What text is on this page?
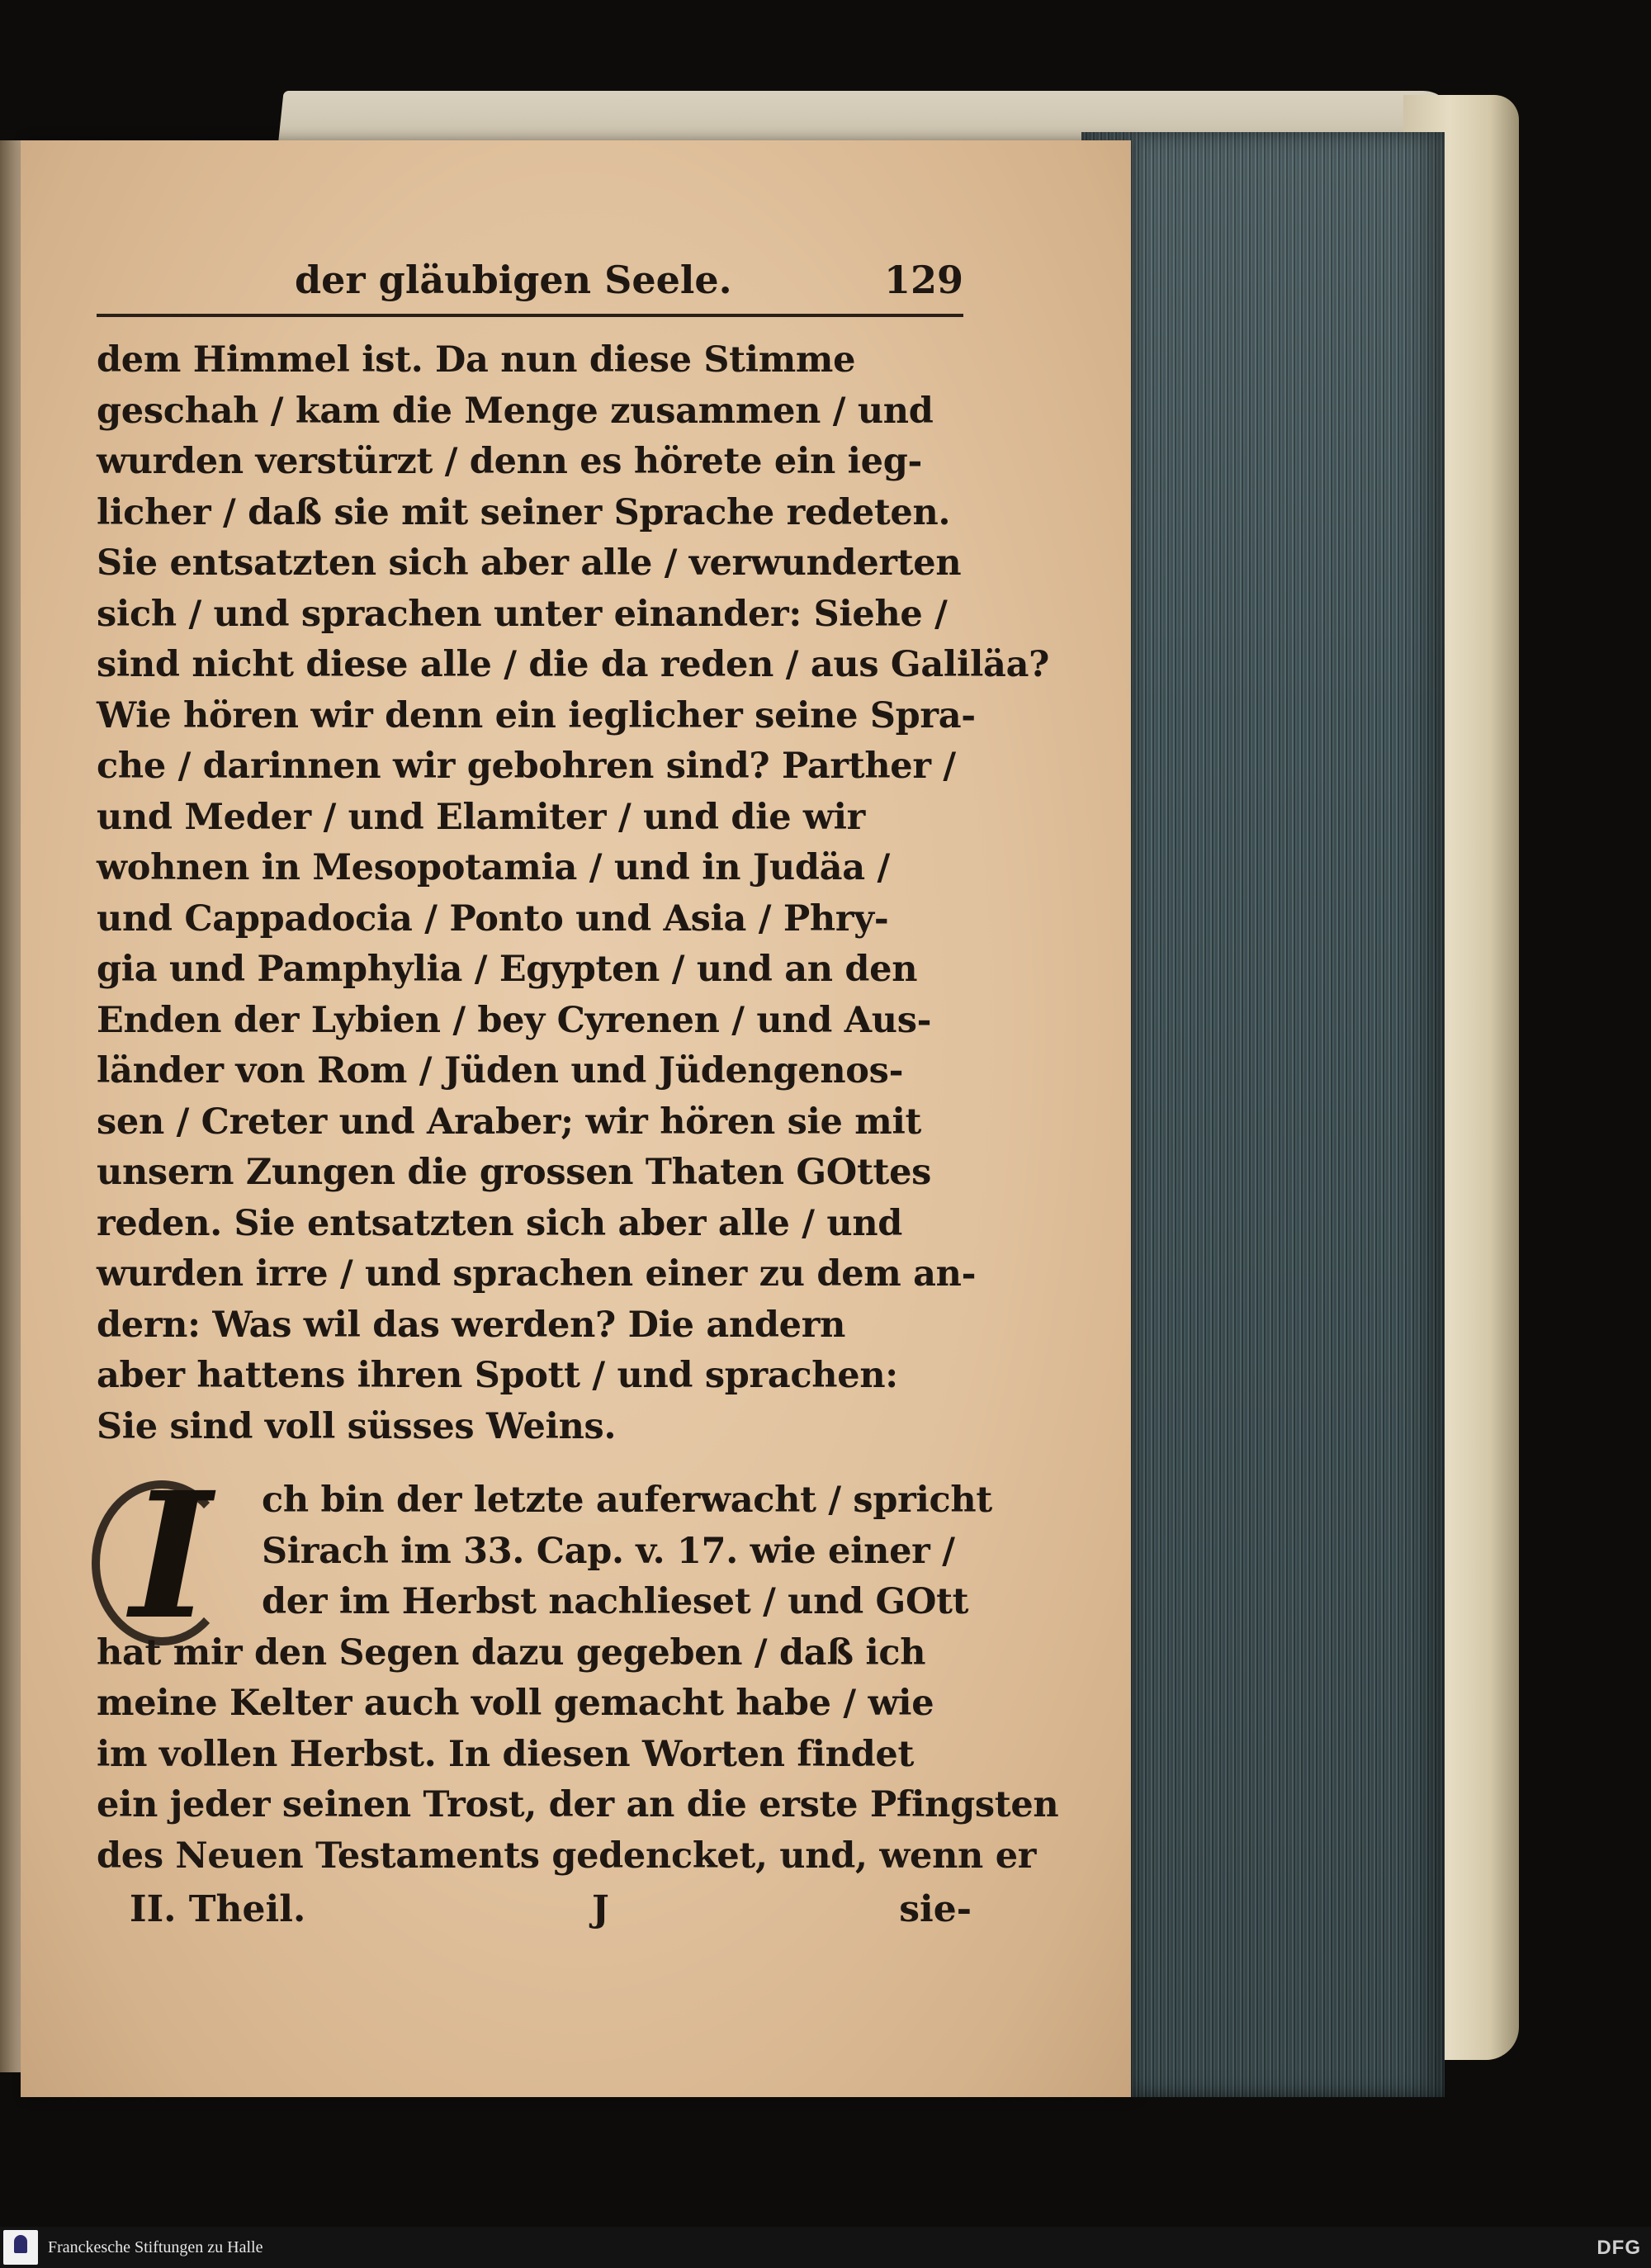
der gläubigen Seele.	129
dem Himmel ist. Da nun diese Stimme
geschah / kam die Menge zusammen / und
wurden verstürzt / denn es hörete ein ieg-
licher / daß sie mit seiner Sprache redeten.
Sie entsatzten sich aber alle / verwunderten
sich / und sprachen unter einander: Siehe /
sind nicht diese alle / die da reden / aus Galiläa?
Wie hören wir denn ein ieglicher seine Spra-
che / darinnen wir gebohren sind? Parther /
und Meder / und Elamiter / und die wir
wohnen in Mesopotamia / und in Judäa /
und Cappadocia / Ponto und Asia / Phry-
gia und Pamphylia / Egypten / und an den
Enden der Lybien / bey Cyrenen / und Aus-
länder von Rom / Jüden und Jüdengenos-
sen / Creter und Araber; wir hören sie mit
unsern Zungen die grossen Thaten GOttes
reden. Sie entsatzten sich aber alle / und
wurden irre / und sprachen einer zu dem an-
dern: Was wil das werden? Die andern
aber hattens ihren Spott / und sprachen:
Sie sind voll süsses Weins.
I	ch bin der letzte auferwacht / spricht
Sirach im 33. Cap. v. 17. wie einer /
der im Herbst nachlieset / und GOtt
hat mir den Segen dazu gegeben / daß ich
meine Kelter auch voll gemacht habe / wie
im vollen Herbst. In diesen Worten findet
ein jeder seinen Trost, der an die erste Pfingsten
des Neuen Testaments gedencket, und, wenn er
II. Theil.	J	sie-
Franckesche Stiftungen zu Halle	DFG
